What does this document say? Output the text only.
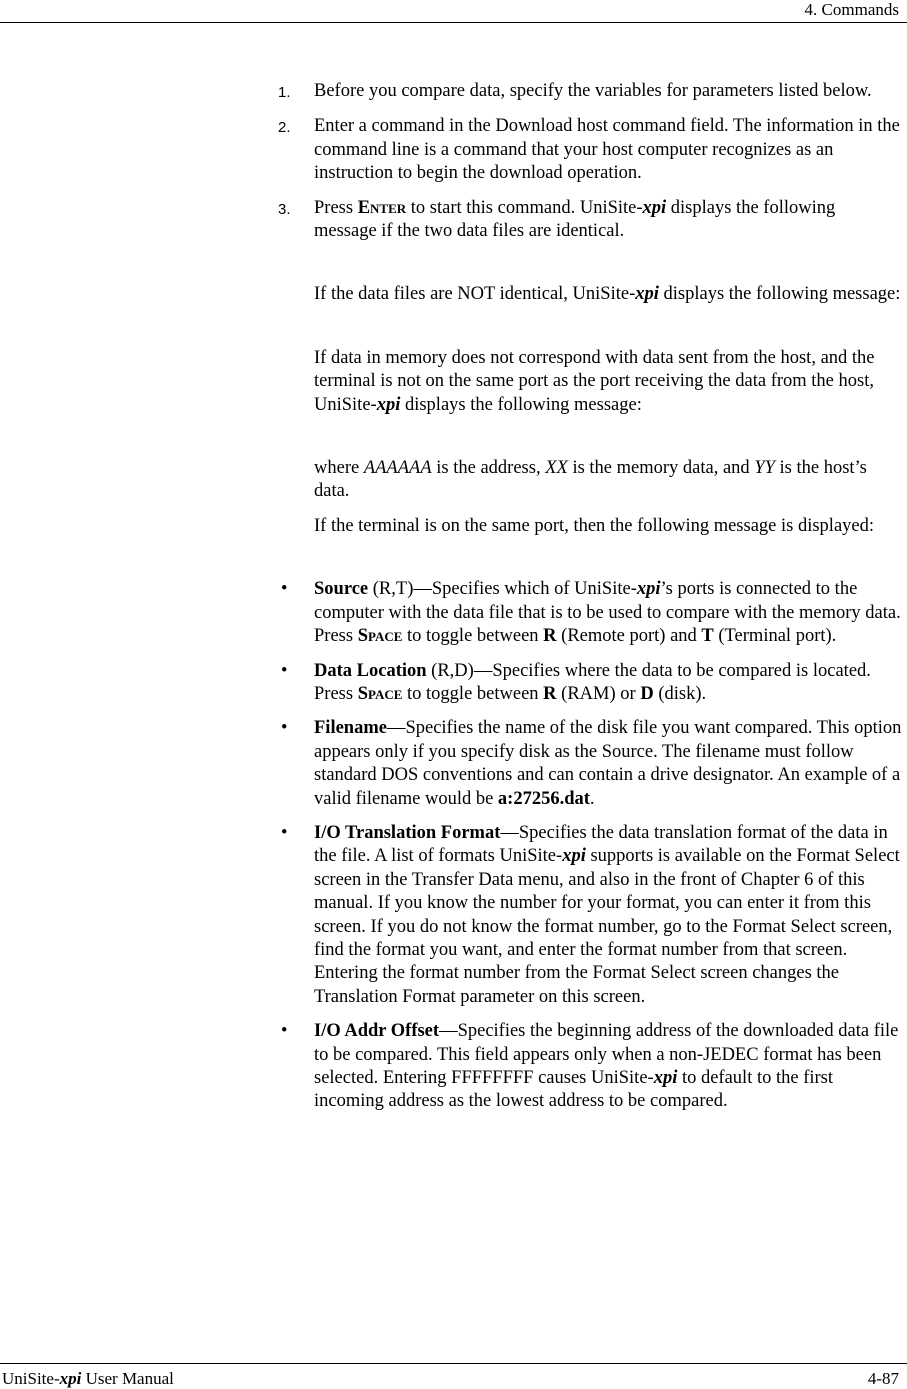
4. Commands
1.	Before you compare data, specify the variables for parameters listed below.
2.	Enter a command in the Download host command field. The information in the command line is a command that your host computer recognizes as an instruction to begin the download operation.
3.	Press Enter to start this command. UniSite-xpi displays the following message if the two data files are identical.
If the data files are NOT identical, UniSite-xpi displays the following message:
If data in memory does not correspond with data sent from the host, and the terminal is not on the same port as the port receiving the data from the host, UniSite-xpi displays the following message:
where AAAAAA is the address, XX is the memory data, and YY is the host’s data.
If the terminal is on the same port, then the following message is displayed:
•	Source (R,T)—Specifies which of UniSite-xpi’s ports is connected to the computer with the data file that is to be used to compare with the memory data. Press Space to toggle between R (Remote port) and T (Terminal port).
•	Data Location (R,D)—Specifies where the data to be compared is located. Press Space to toggle between R (RAM) or D (disk).
•	Filename—Specifies the name of the disk file you want compared. This option appears only if you specify disk as the Source. The filename must follow standard DOS conventions and can contain a drive designator. An example of a valid filename would be a:27256.dat.
•	I/O Translation Format—Specifies the data translation format of the data in the file. A list of formats UniSite-xpi supports is available on the Format Select screen in the Transfer Data menu, and also in the front of Chapter 6 of this manual. If you know the number for your format, you can enter it from this screen. If you do not know the format number, go to the Format Select screen, find the format you want, and enter the format number from that screen. Entering the format number from the Format Select screen changes the Translation Format parameter on this screen.
•	I/O Addr Offset—Specifies the beginning address of the downloaded data file to be compared. This field appears only when a non-JEDEC format has been selected. Entering FFFFFFFF causes UniSite-xpi to default to the first incoming address as the lowest address to be compared.
UniSite-xpi User Manual	4-87
